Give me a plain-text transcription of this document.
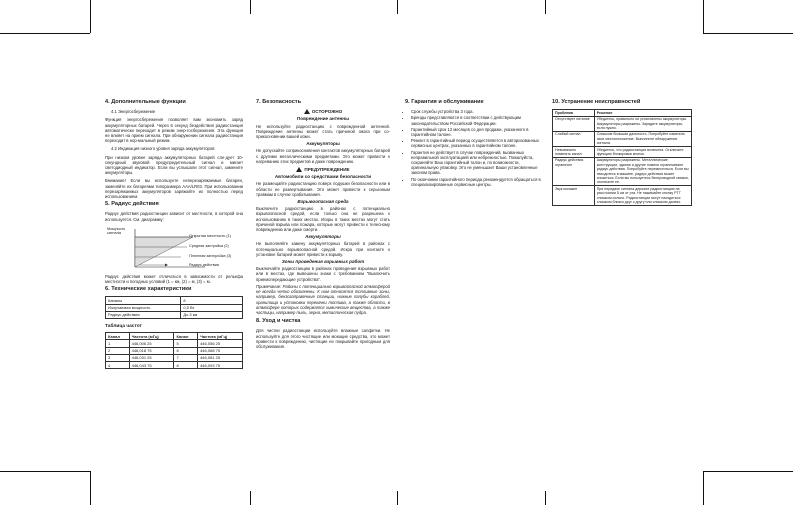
4. Дополнительные функции

4.1 Энергосбережение

Функция энергосбережения позволяет вам экономить заряд аккумуляторных батарей. Через 6 секунд бездействия радиостанция автоматически переходит в режим энер-госбережения. Эта функция не влияет на прием сигнала. При обнаружении сигнала радиостанция переходит в нор-мальный режим.

4.2 Индикация низкого уровня заряда аккумуляторов

При низком уровне заряда аккумуляторных батарей сле-дует 10-секундный звуковой предупредительный сигнал и мигает светодиодный индикатор. Если вы услышали этот сигнал, замените аккумуляторы.

Внимание! Если вы используете неперезаряжаемые батареи, заменяйте их батареями типоразмера AAA/LR03. При использовании перезаряжаемых аккумуляторов заряжайте их полностью перед использованием.

5. Радиус действия

Радиус действия радиостанции зависит от местности, в которой она используется. См. диаграмму:

Мощность сигнала
Открытая местность (1)
Средняя застройка (2)
Плотная застройка (3)
Радиус действия

Радиус действия может отличаться в зависимости от рельефа местности и погодных условий (1 = км, (2) = м, (3) = м.

6. Технические характеристики
Каналы	8
Излучаемая мощность	0,5 Вт
Радиус действия	До 3 км

Таблица частот

Канал	Частота (мГц)	Канал	Частота (мГц)
1	446,006 25	5	446,056 25
2	446,018 75	6	446,068 75
3	446,031 25	7	446,081 25
4	446,043 75	8	446,093 75
7. Безопасность
ОСТОРОЖНО
Повреждение антенны

Не используйте радиостанцию с поврежденной антенной. Повреждение антенны может стать причиной ожога при со-прикосновении вашей кожи.

Аккумуляторы

Не допускайте соприкосновения контактов аккумуляторных батарей с другими металлическими предметами. Это может привести к нагреванию этих предметов и даже повреждению.

ПРЕДУПРЕЖДЕНИЕ
Автомобили со средствами безопасности

Не размещайте радиостанцию поверх подушки безопасности или в области ее развертывания. Это может привести к серьезным травмам в случае срабатывания.

Взрывоопасная среда

Выключите радиостанцию в районах с потенциально взрывоопасной средой, если только она не разрешена к использованию в таких местах. Искры в таких местах могут стать причиной взрыва или пожара, которые могут привести к телесному повреждению или даже смерти.

Аккумуляторы

Не выполняйте замену аккумуляторных батарей в районах с потенциально взрывоопасной средой. Искра при контакте к установке батарей может привести к взрыву.

Зоны проведения взрывных работ

Выключайте радиостанцию в районах проведения взрывных работ или в местах, где вывешены знаки с требованием "Выключить приемопередающие устройства".

Примечание: Районы с потенциально взрывоопасной атмосферой не всегда четко обозначены. К ним относятся топливные зоны, например, бензозаправочные станции, нижние палубы кораблей, хранилища и установки перекачки топлива, а также области, в атмосфере которых содержатся химические вещества, а также частицы, например пыль, зерна, металлическая пудра.

8. Уход и чистка

Для чистки радиостанции используйте влажные салфетки. Не используйте для этого чистящие или моющие средства, это может привести к повреждению, чистящие не покрывайте пригодным для обслуживания.

9. Гарантия и обслуживание
• Срок службы устройства 3 года.
• Бренды представляются в соответствии с действующим законодательством Российской Федерации.
• Гарантийный срок 12 месяцев со дня продажи, указанного в гарантийном талоне.
• Ремонт в гарантийный период осуществляется в авторизованных сервисных центрах, указанных в гарантийном талоне.
• Гарантия не действует в случае повреждений, вызванных неправильной эксплуатацией или небрежностью. Пожалуйста, сохраняйте Ваш гарантийный талон и, по возможности, оригинальную упаковку. Это не уменьшает Ваши установленные законом права.
• По окончании гарантийного периода рекомендуется обращаться в специализированные сервисные центры.
10. Устранение неисправностей
Проблема	Решение
Отсутствует питание	Убедитесь, правильно ли установлены аккумуляторы. Аккумуляторы разряжены. Зарядите аккумуляторы, если нужно.
Слабый сигнал	Слишком большая дальность. Попробуйте изменить свое местоположение. Выполните обнаружение сигнала.
Невозможно поменять канал	Убедитесь, что радиостанция включена. Отключите функцию блокировки кнопок.
Радиус действия ограничен	Аккумуляторы разряжены. Металлические конструкции, здания и другие помехи ограничивают радиус действия. Попробуйте переместиться. Если вы находитесь в машине, радиус действия может снизиться. Если вы пользуетесь беспроводной связью, отключите ее.
Звук искажен	При передаче сигнала держите радиостанцию на расстоянии 5 см от рта. Не нажимайте кнопку PTT слишком сильно. Радиостанции могут находиться слишком близко друг к другу или слишком далеко.
